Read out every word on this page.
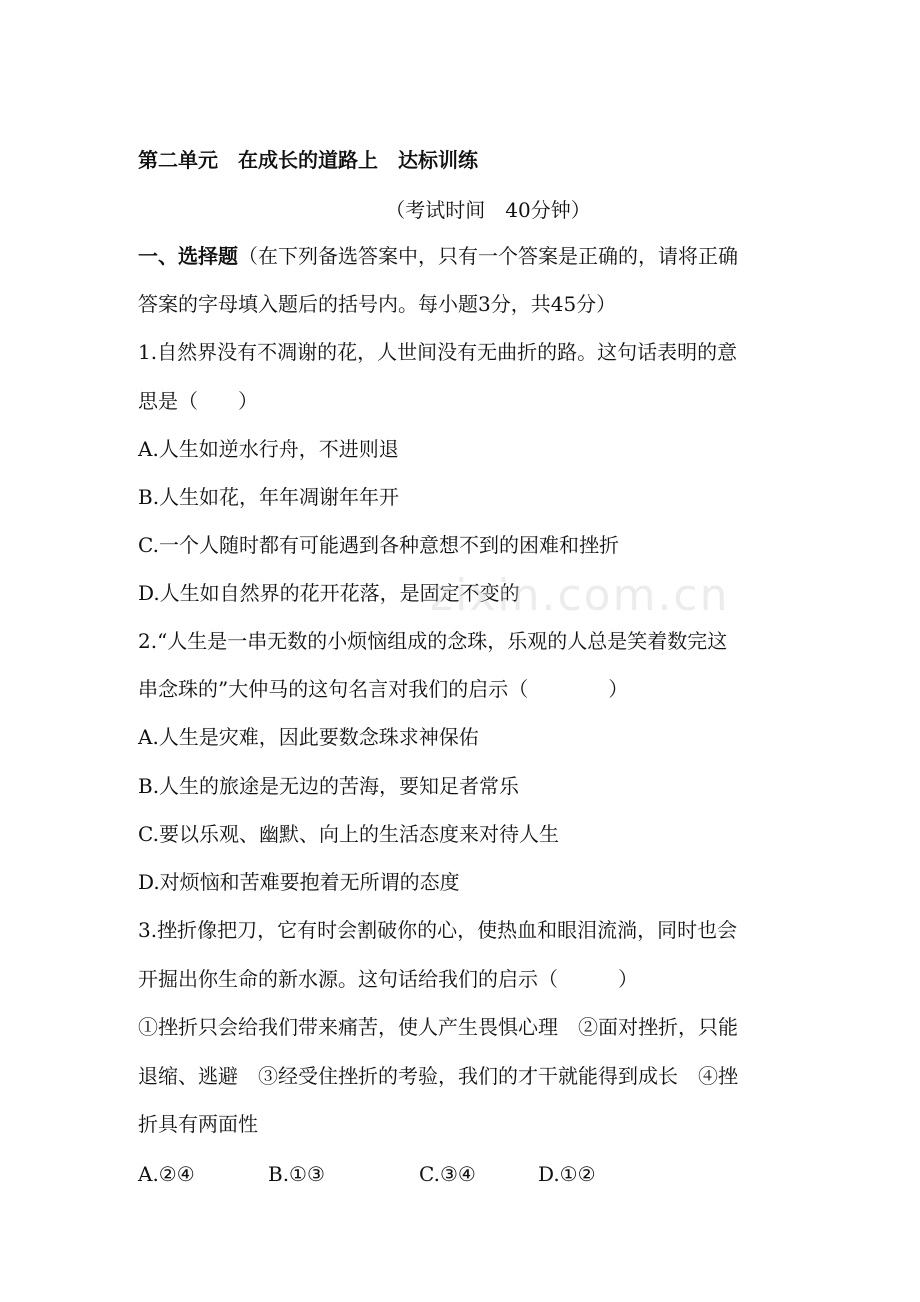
第二单元　在成长的道路上　达标训练
（考试时间　40分钟）
一、选择题（在下列备选答案中，只有一个答案是正确的，请将正确
答案的字母填入题后的括号内。每小题3分，共45分）
1.自然界没有不凋谢的花，人世间没有无曲折的路。这句话表明的意
思是（　　）
A.人生如逆水行舟，不进则退
B.人生如花，年年凋谢年年开
C.一个人随时都有可能遇到各种意想不到的困难和挫折
D.人生如自然界的花开花落，是固定不变的
2.“人生是一串无数的小烦恼组成的念珠，乐观的人总是笑着数完这
串念珠的”大仲马的这句名言对我们的启示（　　　　）
A.人生是灾难，因此要数念珠求神保佑
B.人生的旅途是无边的苦海，要知足者常乐
C.要以乐观、幽默、向上的生活态度来对待人生
D.对烦恼和苦难要抱着无所谓的态度
3.挫折像把刀，它有时会割破你的心，使热血和眼泪流淌，同时也会
开掘出你生命的新水源。这句话给我们的启示（　　　）
①挫折只会给我们带来痛苦，使人产生畏惧心理　②面对挫折，只能
退缩、逃避　③经受住挫折的考验，我们的才干就能得到成长　④挫
折具有两面性
A.②④	B.①③	C.③④	D.①②
zixin.com.cn
